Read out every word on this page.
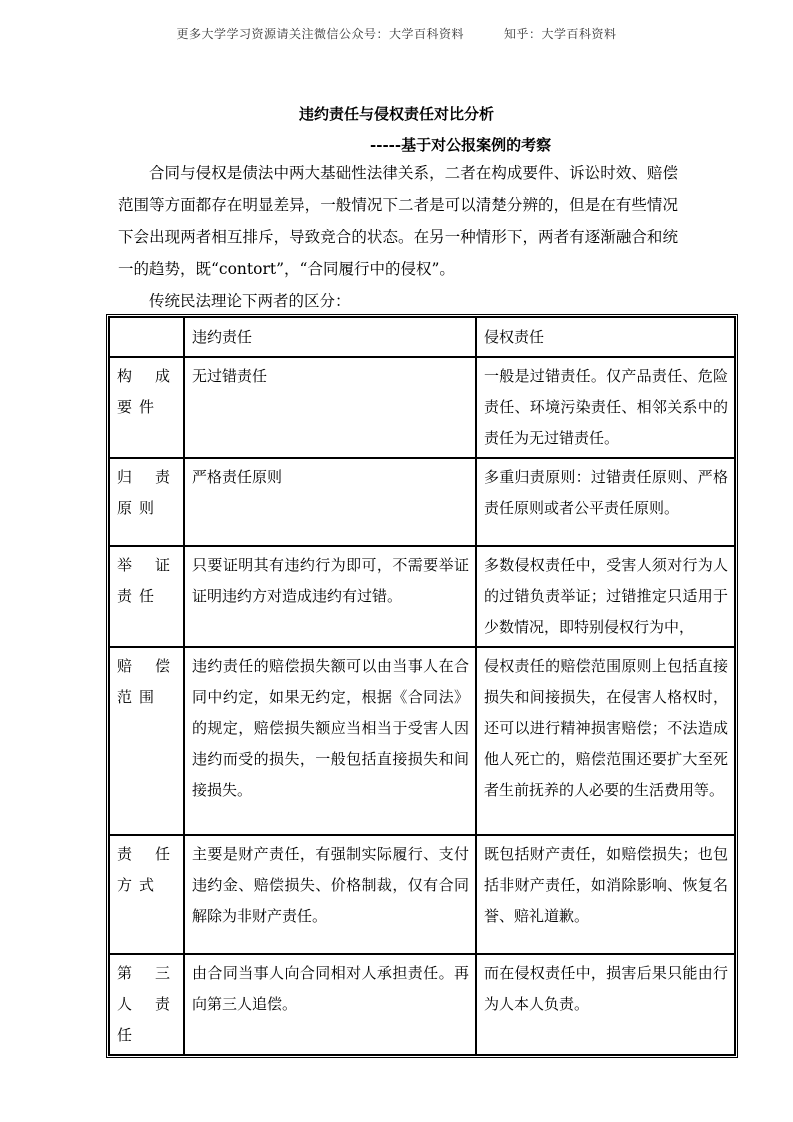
更多大学学习资源请关注微信公众号：大学百科资料	知乎：大学百科资料
违约责任与侵权责任对比分析
-----基于对公报案例的考察
合同与侵权是债法中两大基础性法律关系，二者在构成要件、诉讼时效、赔偿范围等方面都存在明显差异，一般情况下二者是可以清楚分辨的，但是在有些情况下会出现两者相互排斥，导致竞合的状态。在另一种情形下，两者有逐渐融合和统一的趋势，既“contort”，“合同履行中的侵权”。
传统民法理论下两者的区分：
	违约责任	侵权责任
构成要件	无过错责任	一般是过错责任。仅产品责任、危险责任、环境污染责任、相邻关系中的责任为无过错责任。
归责原则	严格责任原则	多重归责原则：过错责任原则、严格责任原则或者公平责任原则。
举证责任	只要证明其有违约行为即可，不需要举证证明违约方对造成违约有过错。	多数侵权责任中，受害人须对行为人的过错负责举证；过错推定只适用于少数情况，即特别侵权行为中，
赔偿范围	违约责任的赔偿损失额可以由当事人在合同中约定，如果无约定，根据《合同法》的规定，赔偿损失额应当相当于受害人因违约而受的损失，一般包括直接损失和间接损失。	侵权责任的赔偿范围原则上包括直接损失和间接损失，在侵害人格权时，还可以进行精神损害赔偿；不法造成他人死亡的，赔偿范围还要扩大至死者生前抚养的人必要的生活费用等。
责任方式	主要是财产责任，有强制实际履行、支付违约金、赔偿损失、价格制裁，仅有合同解除为非财产责任。	既包括财产责任，如赔偿损失；也包括非财产责任，如消除影响、恢复名誉、赔礼道歉。
第三人责任	由合同当事人向合同相对人承担责任。再向第三人追偿。	而在侵权责任中，损害后果只能由行为人本人负责。
